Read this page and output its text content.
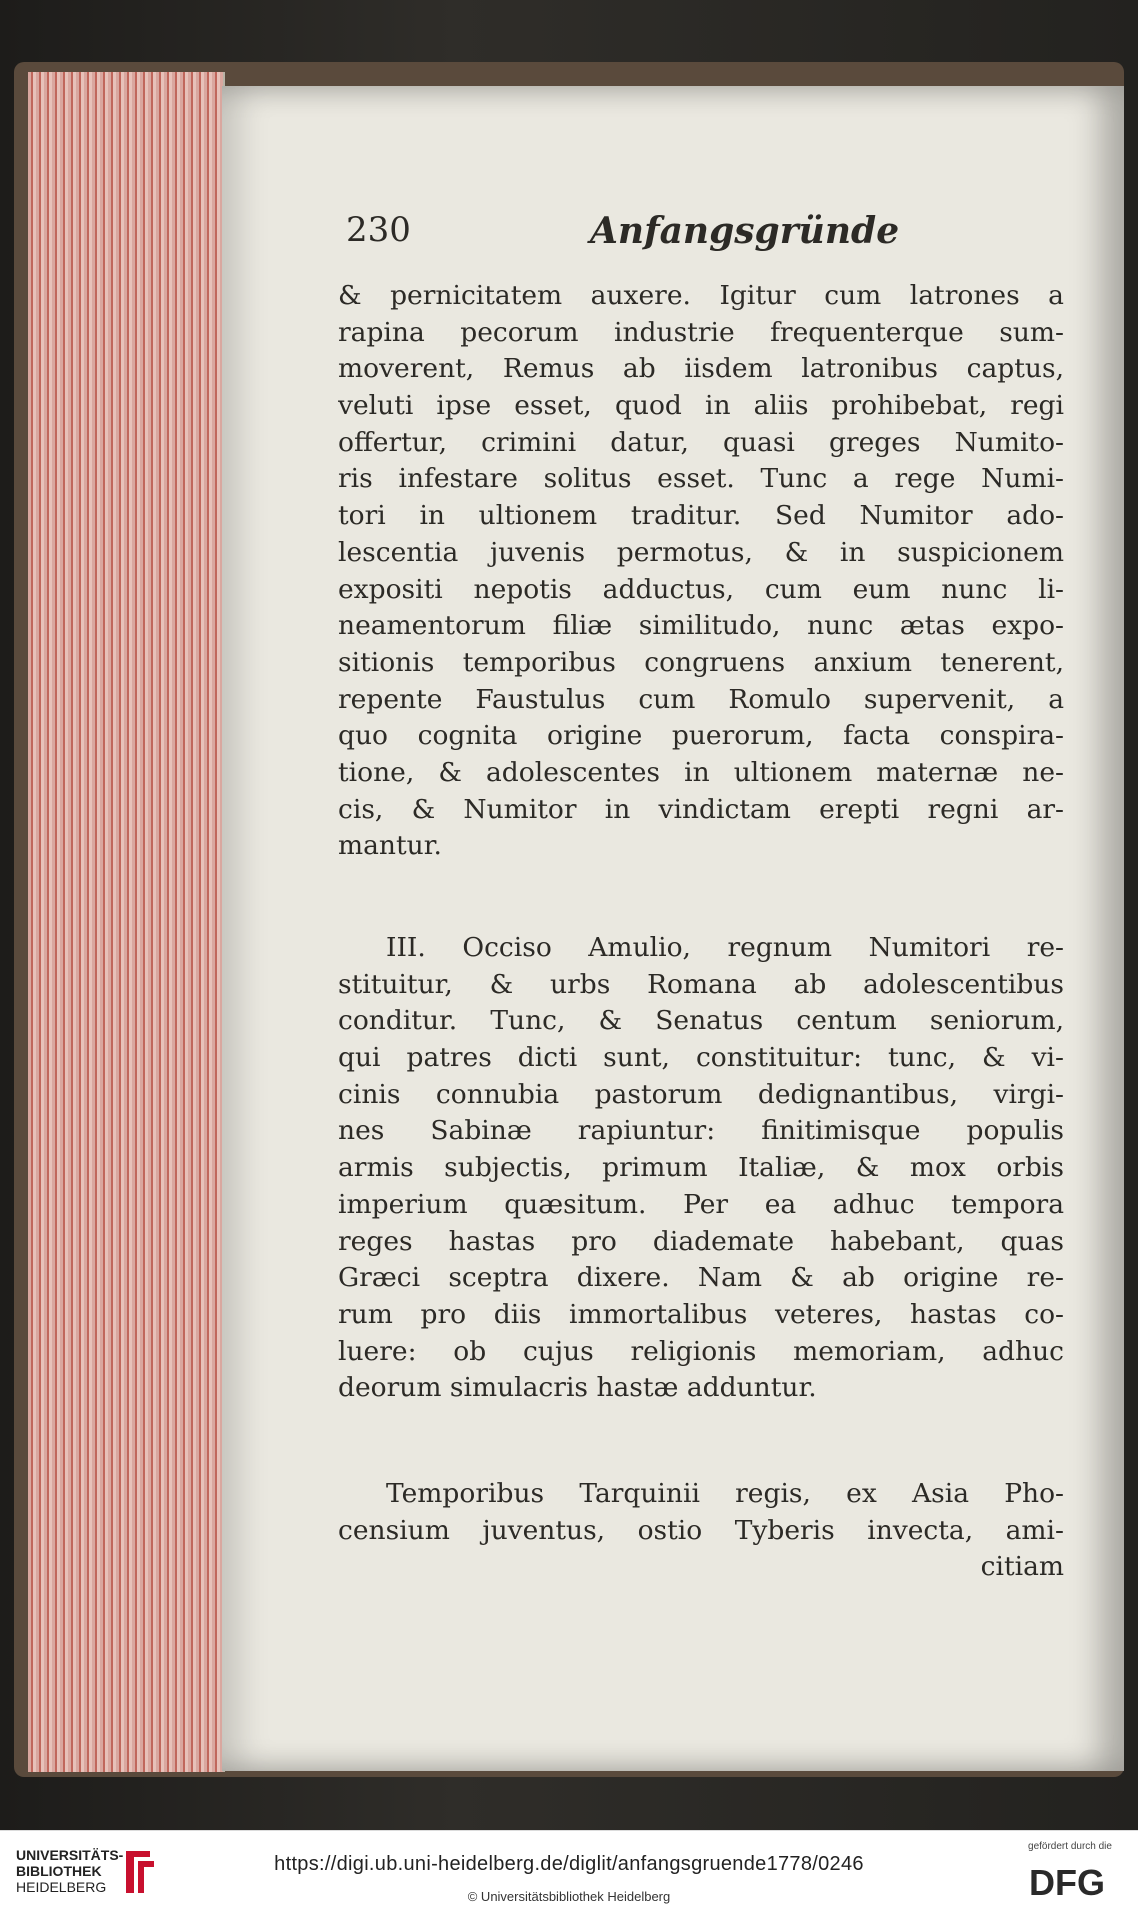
230	Anfangsgründe
& pernicitatem auxere. Igitur cum latrones a
rapina pecorum industrie frequenterque sum-
moverent, Remus ab iisdem latronibus captus,
veluti ipse esset, quod in aliis prohibebat, regi
offertur, crimini datur, quasi greges Numito-
ris infestare solitus esset. Tunc a rege Numi-
tori in ultionem traditur. Sed Numitor ado-
lescentia juvenis permotus, & in suspicionem
expositi nepotis adductus, cum eum nunc li-
neamentorum filiæ similitudo, nunc ætas expo-
sitionis temporibus congruens anxium tenerent,
repente Faustulus cum Romulo supervenit, a
quo cognita origine puerorum, facta conspira-
tione, & adolescentes in ultionem maternæ ne-
cis, & Numitor in vindictam erepti regni ar-
mantur.
III. Occiso Amulio, regnum Numitori re-
stituitur, & urbs Romana ab adolescentibus
conditur. Tunc, & Senatus centum seniorum,
qui patres dicti sunt, constituitur: tunc, & vi-
cinis connubia pastorum dedignantibus, virgi-
nes Sabinæ rapiuntur: finitimisque populis
armis subjectis, primum Italiæ, & mox orbis
imperium quæsitum. Per ea adhuc tempora
reges hastas pro diademate habebant, quas
Græci sceptra dixere. Nam & ab origine re-
rum pro diis immortalibus veteres, hastas co-
luere: ob cujus religionis memoriam, adhuc
deorum simulacris hastæ adduntur.
Temporibus Tarquinii regis, ex Asia Pho-
censium juventus, ostio Tyberis invecta, ami-
citiam
UNIVERSITÄTS-
BIBLIOTHEK
HEIDELBERG
https://digi.ub.uni-heidelberg.de/diglit/anfangsgruende1778/0246
© Universitätsbibliothek Heidelberg
gefördert durch die
DFG
